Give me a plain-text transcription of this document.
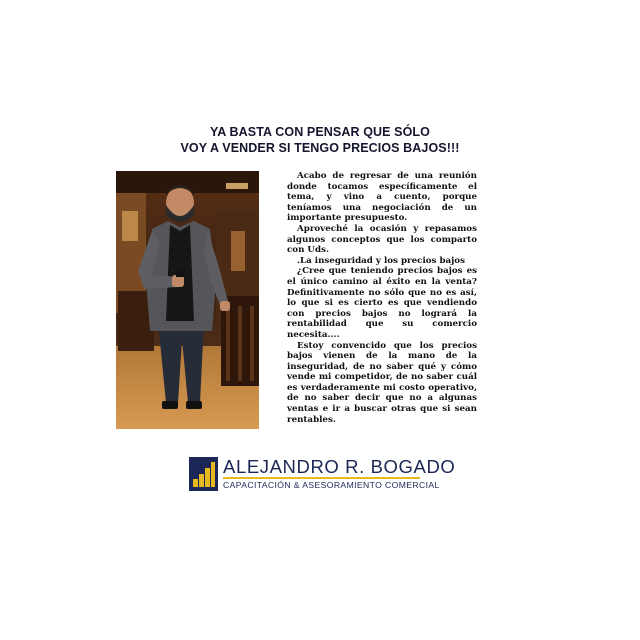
YA BASTA CON PENSAR QUE SÓLO
VOY A VENDER SI TENGO PRECIOS BAJOS!!!

Acabo de regresar de una reunión donde tocamos específicamente el tema, y vino a cuento, porque teníamos una negociación de un importante presupuesto.

Aproveché la ocasión y repasamos algunos conceptos que los comparto con Uds.

.La inseguridad y los precios bajos

¿Cree que teniendo precios bajos es el único camino al éxito en la venta? Definitivamente no sólo que no es así, lo que si es cierto es que vendiendo con precios bajos no logrará la rentabilidad que su comercio necesita....

Estoy convencido que los precios bajos vienen de la mano de la inseguridad, de no saber qué y cómo vende mi competidor, de no saber cuál es verdaderamente mi costo operativo, de no saber decir que no a algunas ventas e ir a buscar otras que si sean rentables.

ALEJANDRO R. BOGADO
CAPACITACIÓN & ASESORAMIENTO COMERCIAL
